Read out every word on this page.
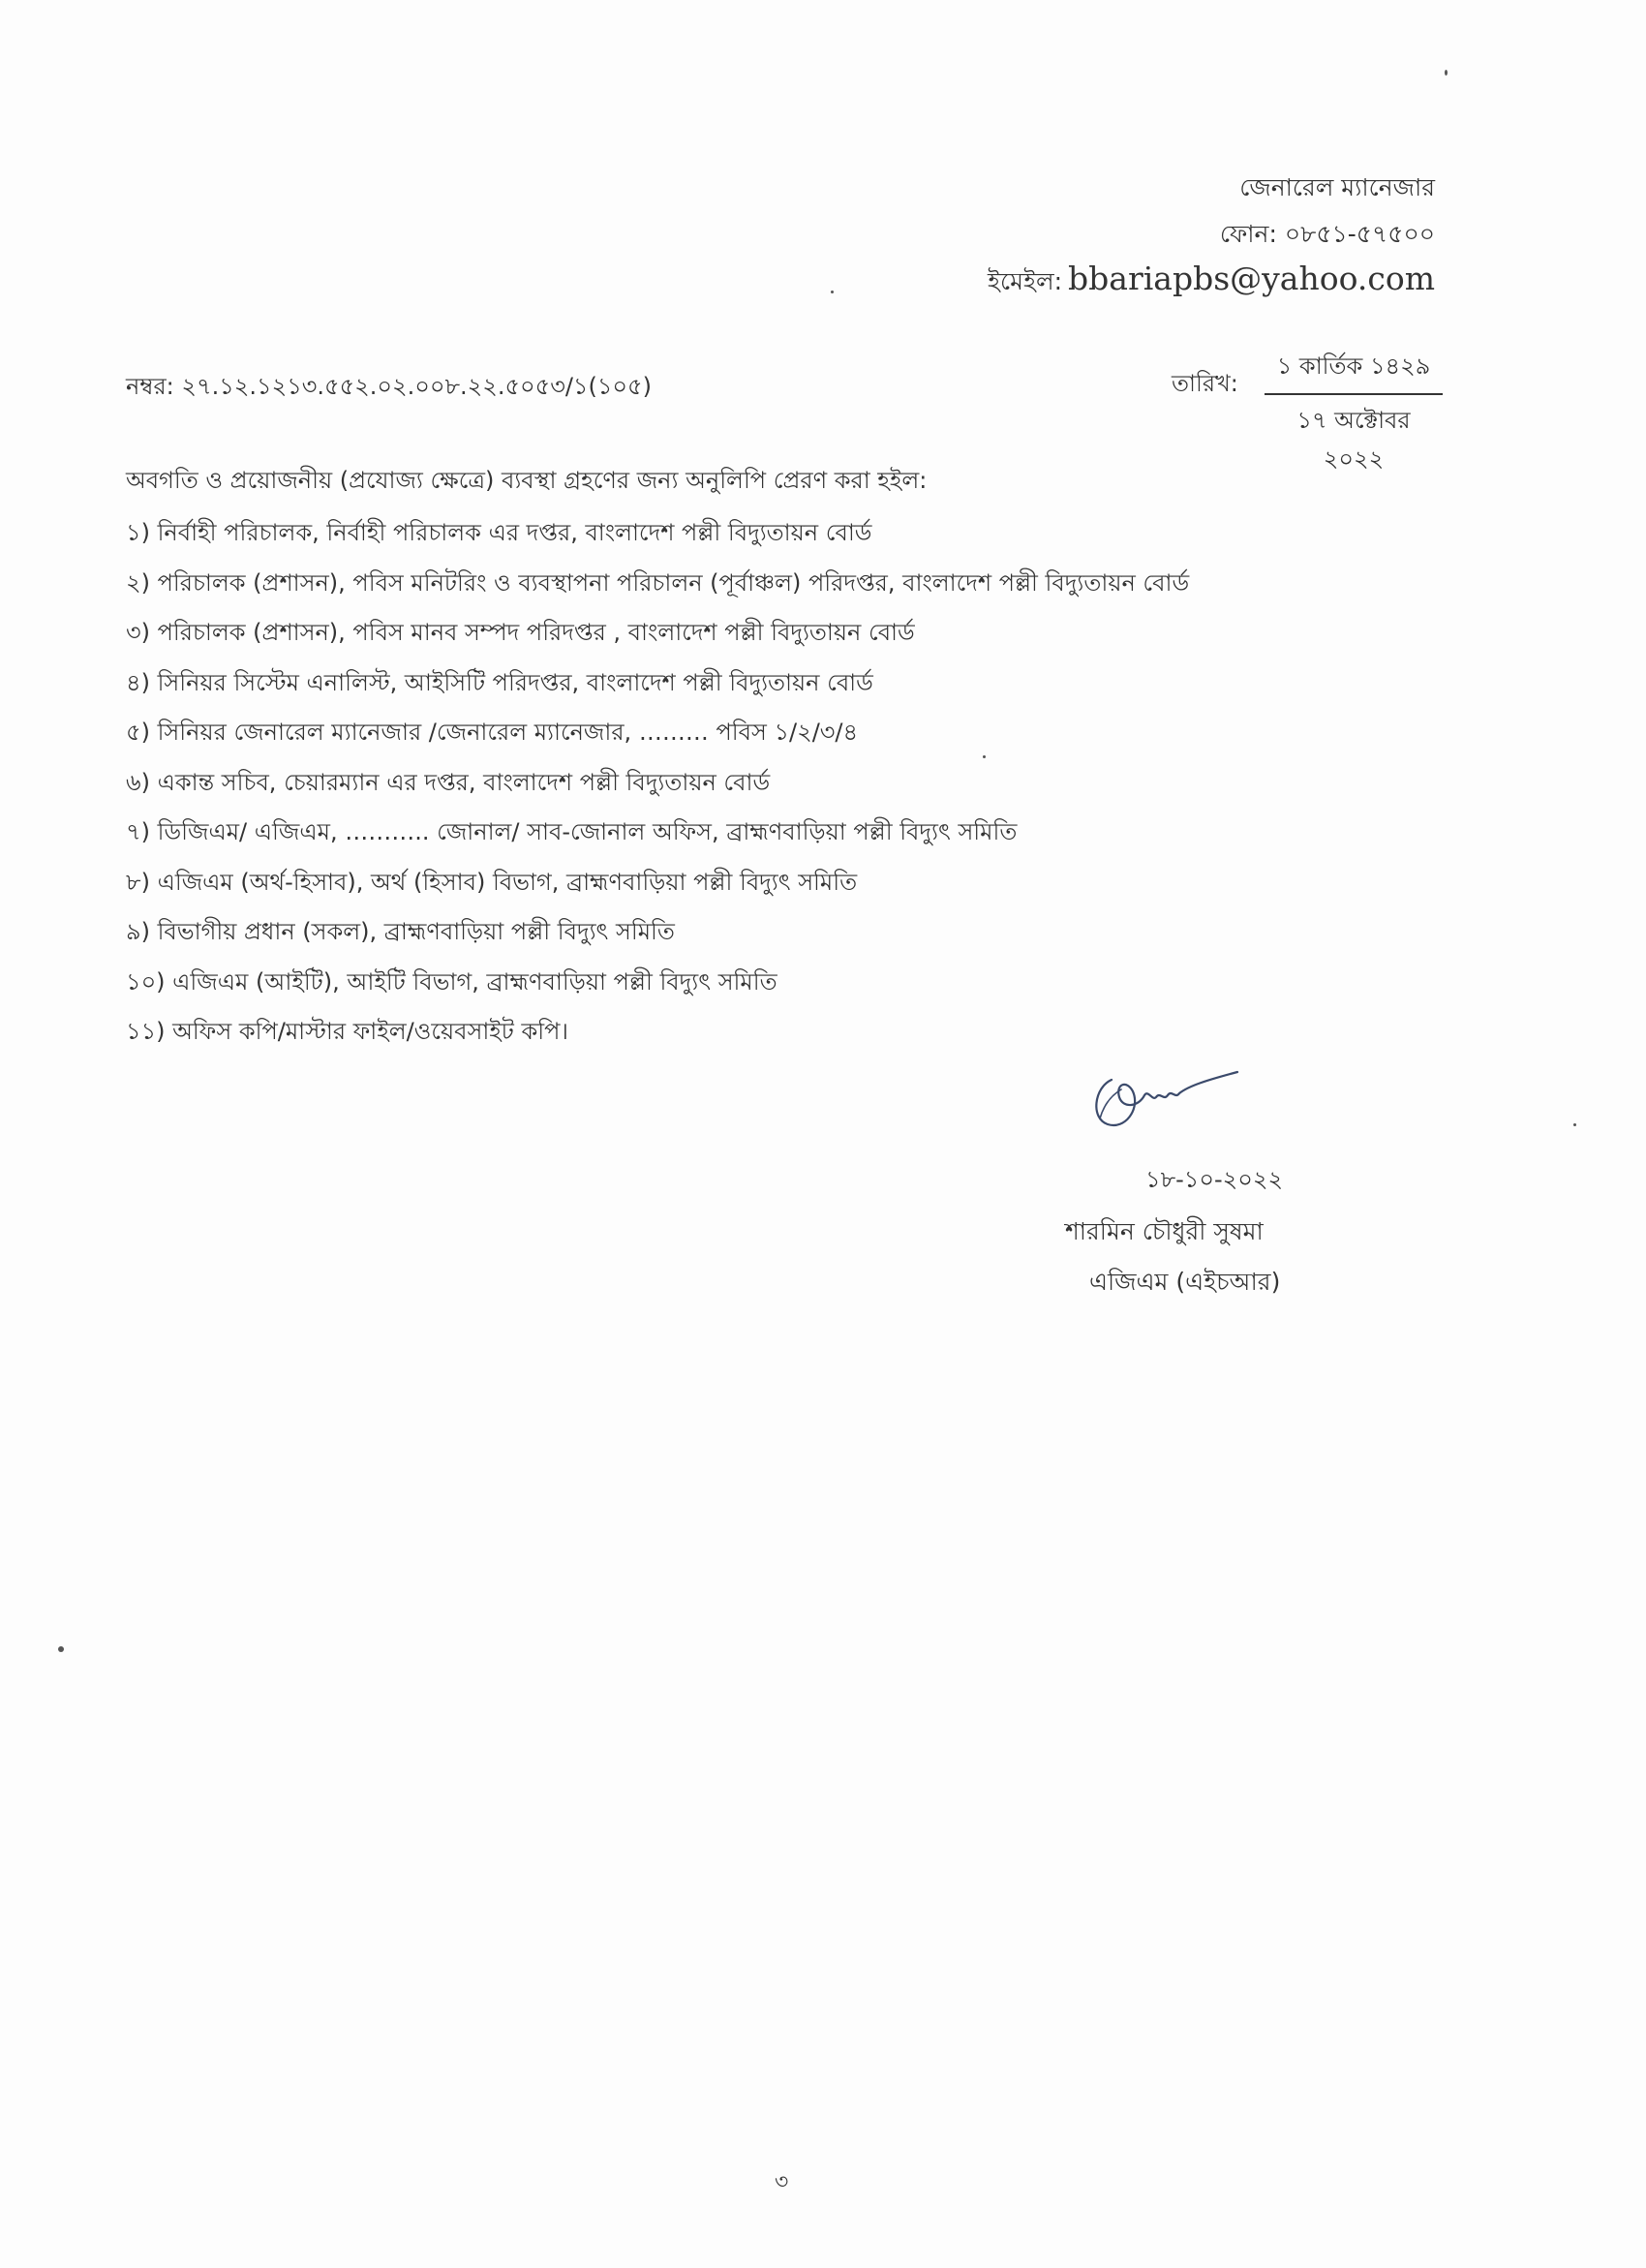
জেনারেল ম্যানেজার
ফোন: ০৮৫১-৫৭৫০০
ইমেইল: bbariapbs@yahoo.com
নম্বর: ২৭.১২.১২১৩.৫৫২.০২.০০৮.২২.৫০৫৩/১(১০৫)	তারিখ:
১ কার্তিক ১৪২৯
১৭ অক্টোবর ২০২২
অবগতি ও প্রয়োজনীয় (প্রযোজ্য ক্ষেত্রে) ব্যবস্থা গ্রহণের জন্য অনুলিপি প্রেরণ করা হইল:
১) নির্বাহী পরিচালক, নির্বাহী পরিচালক এর দপ্তর, বাংলাদেশ পল্লী বিদ্যুতায়ন বোর্ড
২) পরিচালক (প্রশাসন), পবিস মনিটরিং ও ব্যবস্থাপনা পরিচালন (পূর্বাঞ্চল) পরিদপ্তর, বাংলাদেশ পল্লী বিদ্যুতায়ন বোর্ড
৩) পরিচালক (প্রশাসন), পবিস মানব সম্পদ পরিদপ্তর , বাংলাদেশ পল্লী বিদ্যুতায়ন বোর্ড
৪) সিনিয়র সিস্টেম এনালিস্ট, আইসিটি পরিদপ্তর, বাংলাদেশ পল্লী বিদ্যুতায়ন বোর্ড
৫) সিনিয়র জেনারেল ম্যানেজার /জেনারেল ম্যানেজার, ……… পবিস ১/২/৩/৪
৬) একান্ত সচিব, চেয়ারম্যান এর দপ্তর, বাংলাদেশ পল্লী বিদ্যুতায়ন বোর্ড
৭) ডিজিএম/ এজিএম, ……….. জোনাল/ সাব-জোনাল অফিস, ব্রাহ্মণবাড়িয়া পল্লী বিদ্যুৎ সমিতি
৮) এজিএম (অর্থ-হিসাব), অর্থ (হিসাব) বিভাগ, ব্রাহ্মণবাড়িয়া পল্লী বিদ্যুৎ সমিতি
৯) বিভাগীয় প্রধান (সকল), ব্রাহ্মণবাড়িয়া পল্লী বিদ্যুৎ সমিতি
১০) এজিএম (আইটি), আইটি বিভাগ, ব্রাহ্মণবাড়িয়া পল্লী বিদ্যুৎ সমিতি
১১) অফিস কপি/মাস্টার ফাইল/ওয়েবসাইট কপি।
১৮-১০-২০২২
শারমিন চৌধুরী সুষমা
এজিএম (এইচআর)
৩
